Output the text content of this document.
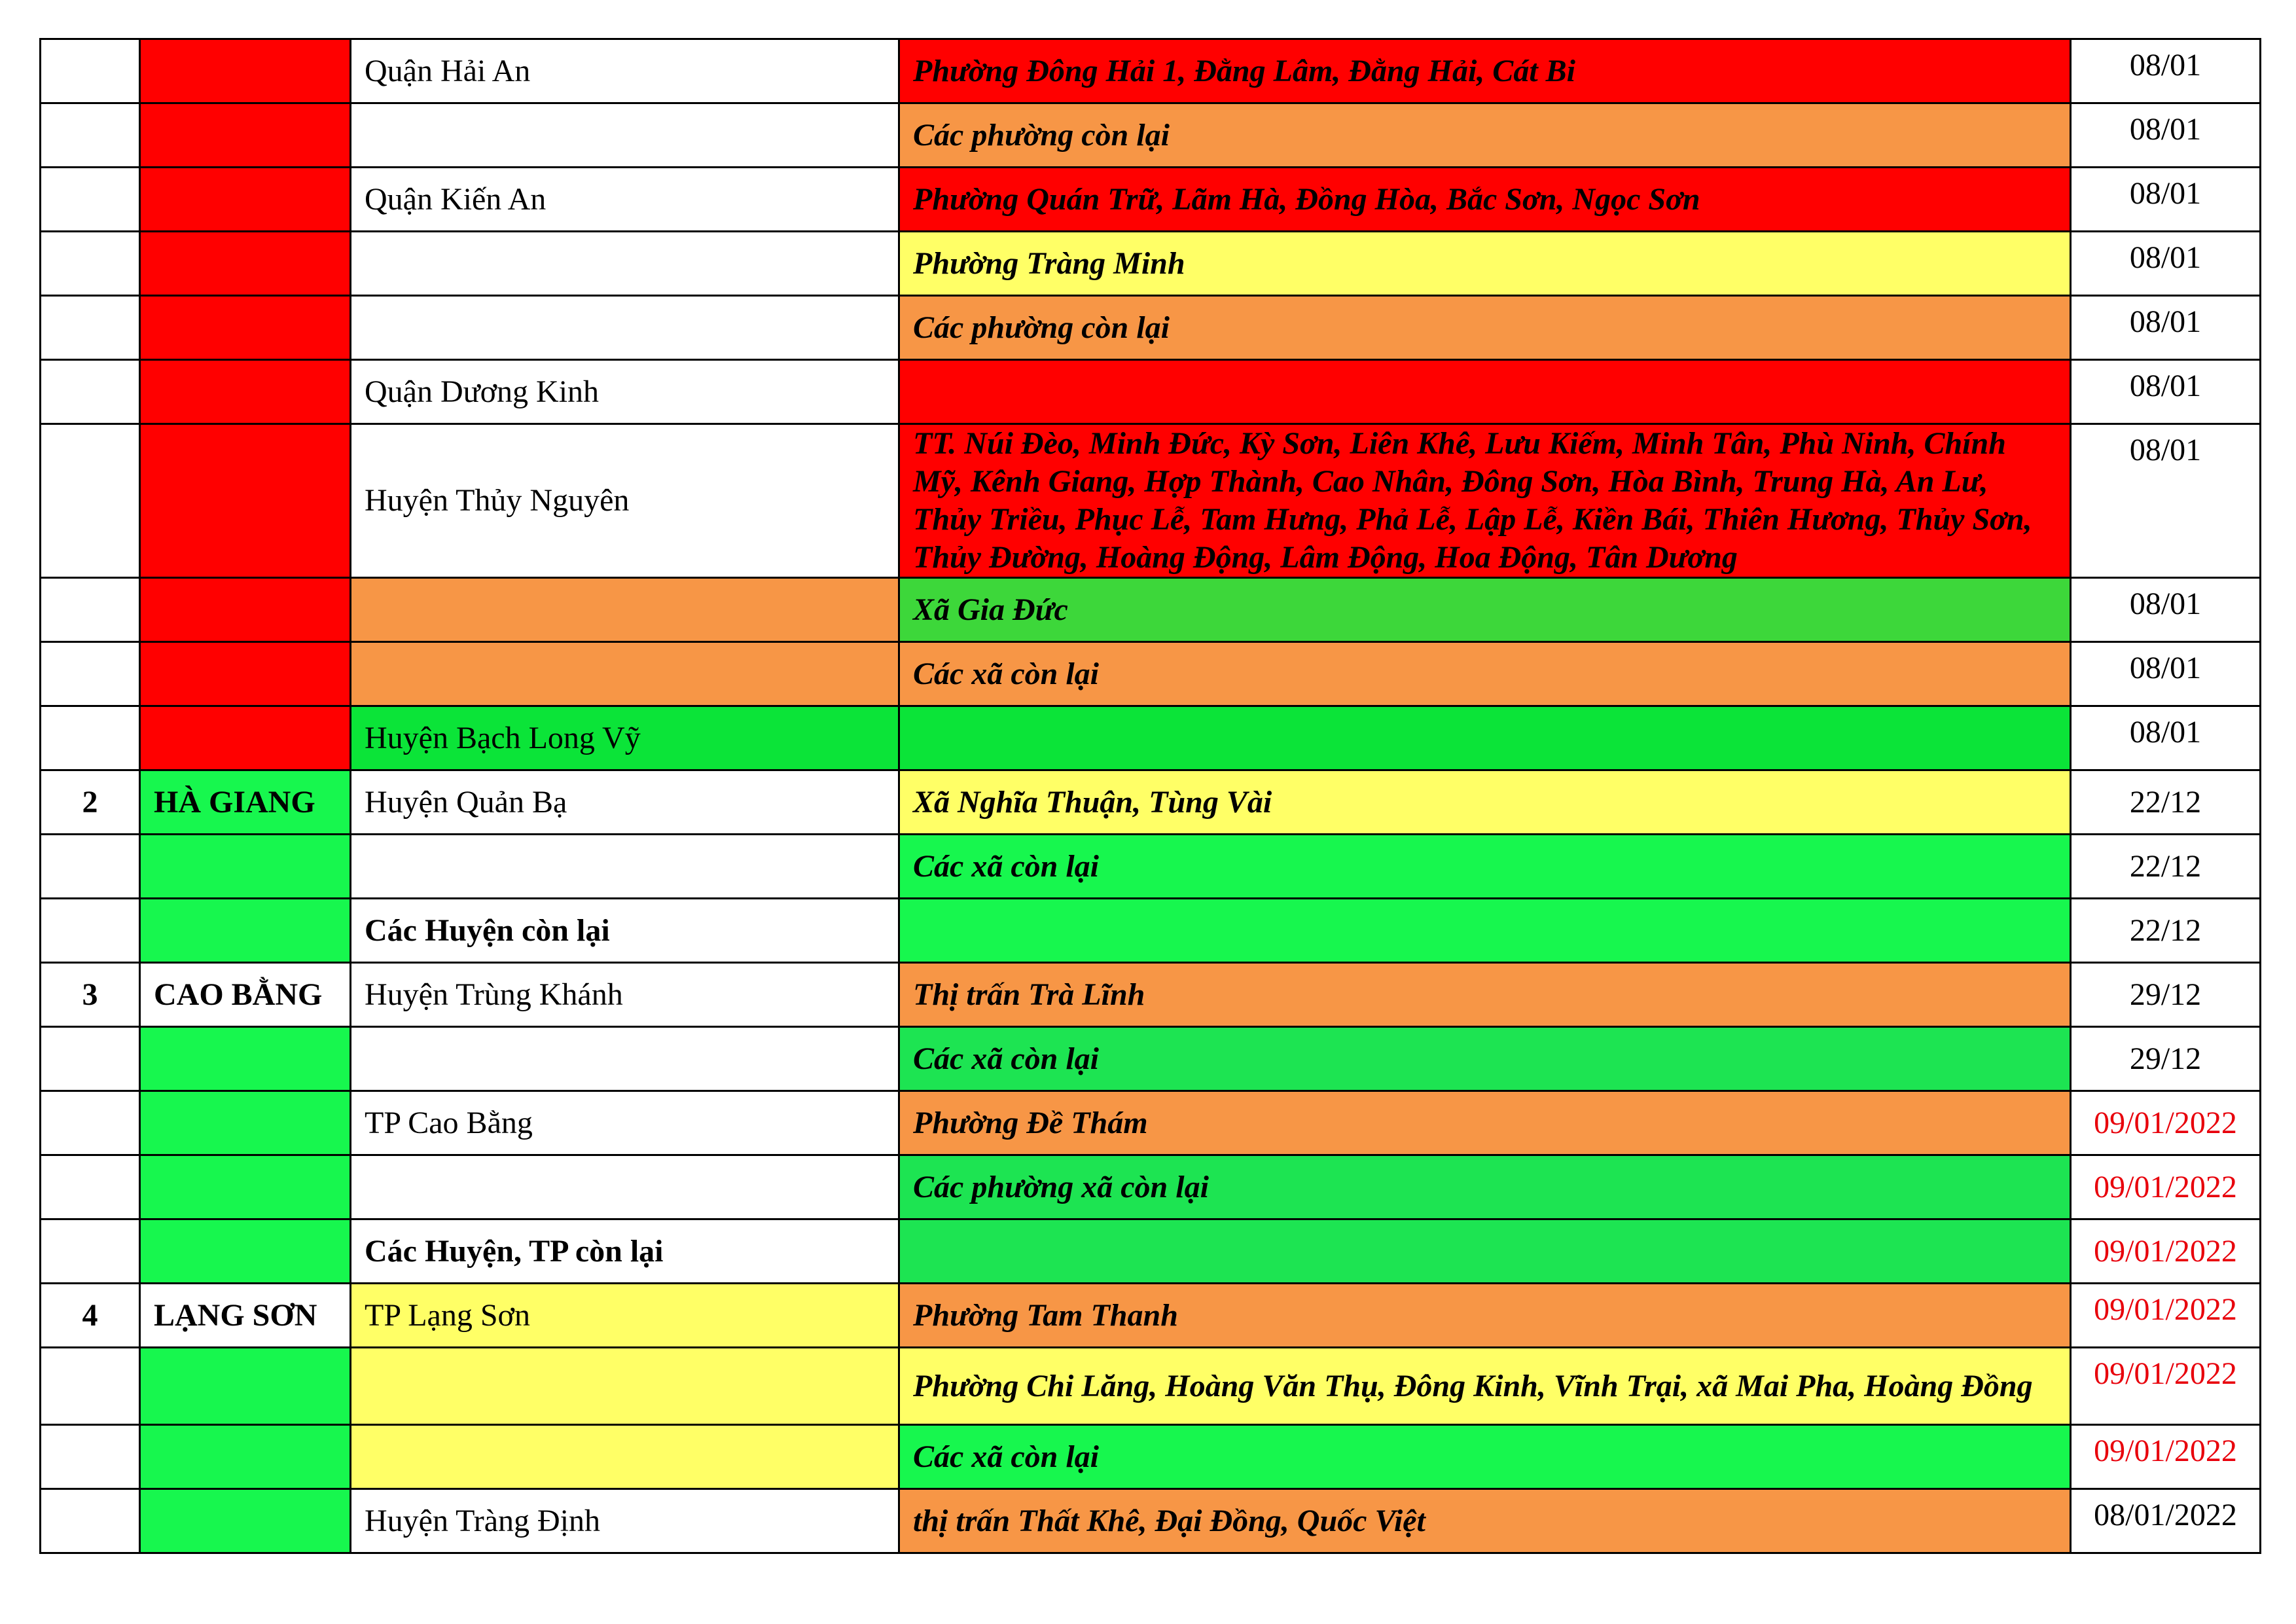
		Quận Hải An	Phường Đông Hải 1, Đằng Lâm, Đằng Hải, Cát Bi	08/01
			Các phường còn lại	08/01
		Quận Kiến An	Phường Quán Trữ, Lãm Hà, Đồng Hòa, Bắc Sơn, Ngọc Sơn	08/01
			Phường Tràng Minh	08/01
			Các phường còn lại	08/01
		Quận Dương Kinh		08/01
		Huyện Thủy Nguyên	TT. Núi Đèo, Minh Đức, Kỳ Sơn, Liên Khê, Lưu Kiếm, Minh Tân, Phù Ninh, Chính Mỹ, Kênh Giang, Hợp Thành, Cao Nhân, Đông Sơn, Hòa Bình, Trung Hà, An Lư, Thủy Triều, Phục Lễ, Tam Hưng, Phả Lễ, Lập Lễ, Kiền Bái, Thiên Hương, Thủy Sơn, Thủy Đường, Hoàng Động, Lâm Động, Hoa Động, Tân Dương	08/01
			Xã Gia Đức	08/01
			Các xã còn lại	08/01
		Huyện Bạch Long Vỹ		08/01
2	HÀ GIANG	Huyện Quản Bạ	Xã Nghĩa Thuận, Tùng Vài	22/12
			Các xã còn lại	22/12
		Các Huyện còn lại		22/12
3	CAO BẰNG	Huyện Trùng Khánh	Thị trấn Trà Lĩnh	29/12
			Các xã còn lại	29/12
		TP Cao Bằng	Phường Đề Thám	09/01/2022
			Các phường xã còn lại	09/01/2022
		Các Huyện, TP còn lại		09/01/2022
4	LẠNG SƠN	TP Lạng Sơn	Phường Tam Thanh	09/01/2022
			Phường Chi Lăng, Hoàng Văn Thụ, Đông Kinh, Vĩnh Trại, xã Mai Pha, Hoàng Đồng	09/01/2022
			Các xã còn lại	09/01/2022
		Huyện Tràng Định	thị trấn Thất Khê, Đại Đồng, Quốc Việt	08/01/2022
